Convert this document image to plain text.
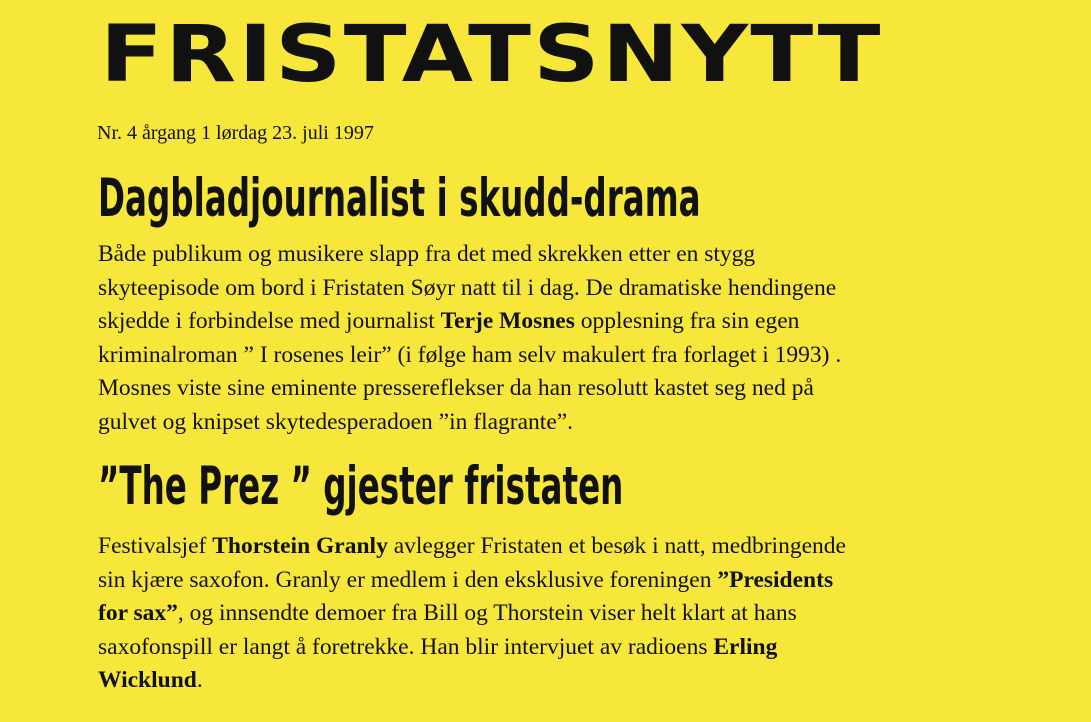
FRISTATSNYTT
Nr. 4 årgang 1 lørdag 23. juli 1997
Dagbladjournalist i skudd-drama
Både publikum og musikere slapp fra det med skrekken etter en stygg
skyteepisode om bord i Fristaten Søyr natt til i dag. De dramatiske hendingene
skjedde i forbindelse med journalist Terje Mosnes opplesning fra sin egen
kriminalroman ” I rosenes leir” (i følge ham selv makulert fra forlaget i 1993) .
Mosnes viste sine eminente pressereflekser da han resolutt kastet seg ned på
gulvet og knipset skytedesperadoen ”in flagrante”.
”The Prez ” gjester fristaten
Festivalsjef Thorstein Granly avlegger Fristaten et besøk i natt, medbringende
sin kjære saxofon. Granly er medlem i den eksklusive foreningen ”Presidents
for sax”, og innsendte demoer fra Bill og Thorstein viser helt klart at hans
saxofonspill er langt å foretrekke. Han blir intervjuet av radioens Erling
Wicklund.
